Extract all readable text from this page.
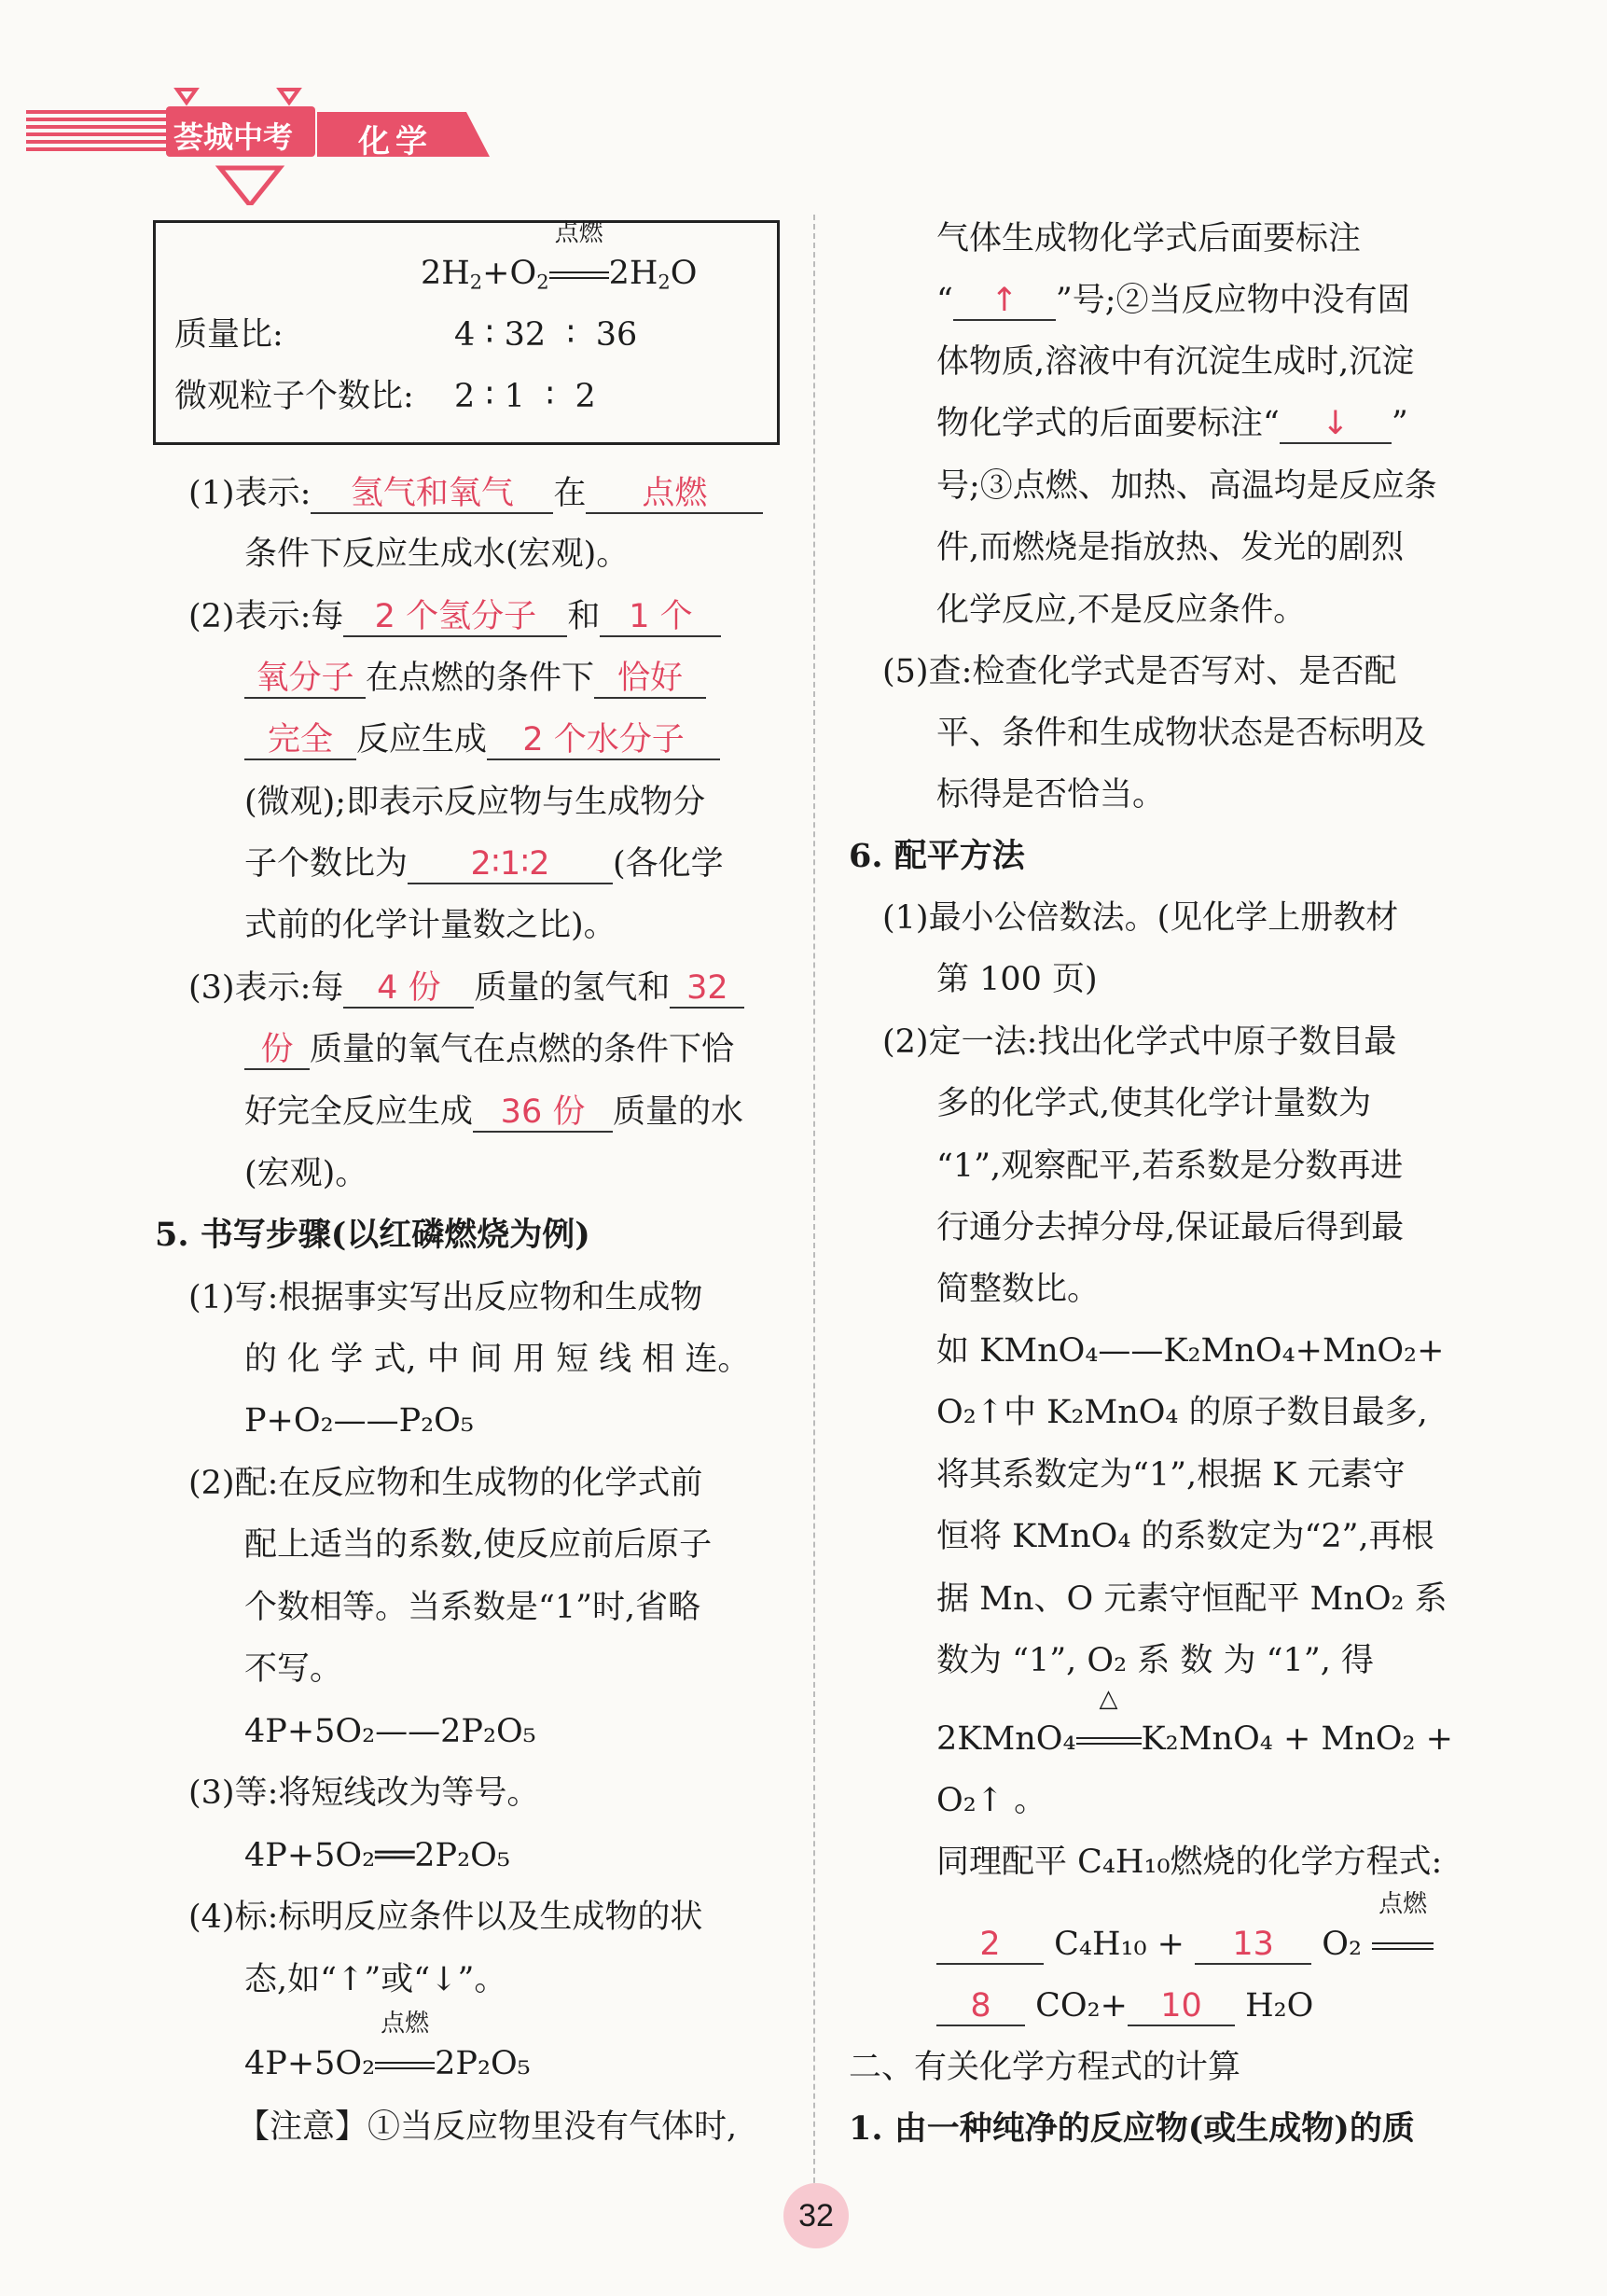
荟城中考 化学
$2H_2+O_2$
点燃
$2H_2O$
质量比:	4 ∶ 32  ∶  36
微观粒子个数比: 2 ∶ 1  ∶  2
(1)表示: 氢气和氧气 在 点燃
条件下反应生成水(宏观)。
(2)表示:每 2 个氢分子 和 1 个
氧分子 在点燃的条件下 恰好
完全 反应生成 2 个水分子
(微观);即表示反应物与生成物分
子个数比为 2∶1∶2 (各化学
式前的化学计量数之比)。
(3)表示:每 4 份 质量的氢气和 32
份 质量的氧气在点燃的条件下恰
好完全反应生成 36 份 质量的水
(宏观)。
5. 书写步骤(以红磷燃烧为例)
(1)写:根据事实写出反应物和生成物
的 化 学 式, 中 间 用 短 线 相 连。
P+O₂——P₂O₅
(2)配:在反应物和生成物的化学式前
配上适当的系数,使反应前后原子
个数相等。当系数是“1”时,省略
不写。
4P+5O₂——2P₂O₅
(3)等:将短线改为等号。
4P+5O₂══2P₂O₅
(4)标:标明反应条件以及生成物的状
态,如“↑”或“↓”。
4P+5O₂
点燃
2P₂O₅
【注意】①当反应物里没有气体时,
气体生成物化学式后面要标注
“ ↑ ”号;②当反应物中没有固
体物质,溶液中有沉淀生成时,沉淀
物化学式的后面要标注“ ↓ ”
号;③点燃、加热、高温均是反应条
件,而燃烧是指放热、发光的剧烈
化学反应,不是反应条件。
(5)查:检查化学式是否写对、是否配
平、条件和生成物状态是否标明及
标得是否恰当。
6. 配平方法
(1)最小公倍数法。(见化学上册教材
第 100 页)
(2)定一法:找出化学式中原子数目最
多的化学式,使其化学计量数为
“1”,观察配平,若系数是分数再进
行通分去掉分母,保证最后得到最
简整数比。
如 KMnO₄——K₂MnO₄+MnO₂+
O₂↑中 K₂MnO₄ 的原子数目最多,
将其系数定为“1”,根据 K 元素守
恒将 KMnO₄ 的系数定为“2”,再根
据 Mn、O 元素守恒配平 MnO₂ 系
数为 “1”, O₂ 系 数 为 “1”, 得
2KMnO₄
△
K₂MnO₄ + MnO₂ +
O₂↑ 。
同理配平 C₄H₁₀燃烧的化学方程式:
2 C₄H₁₀ + 13 O₂
点燃
8 CO₂+ 10 H₂O
二、有关化学方程式的计算
1. 由一种纯净的反应物(或生成物)的质
32
